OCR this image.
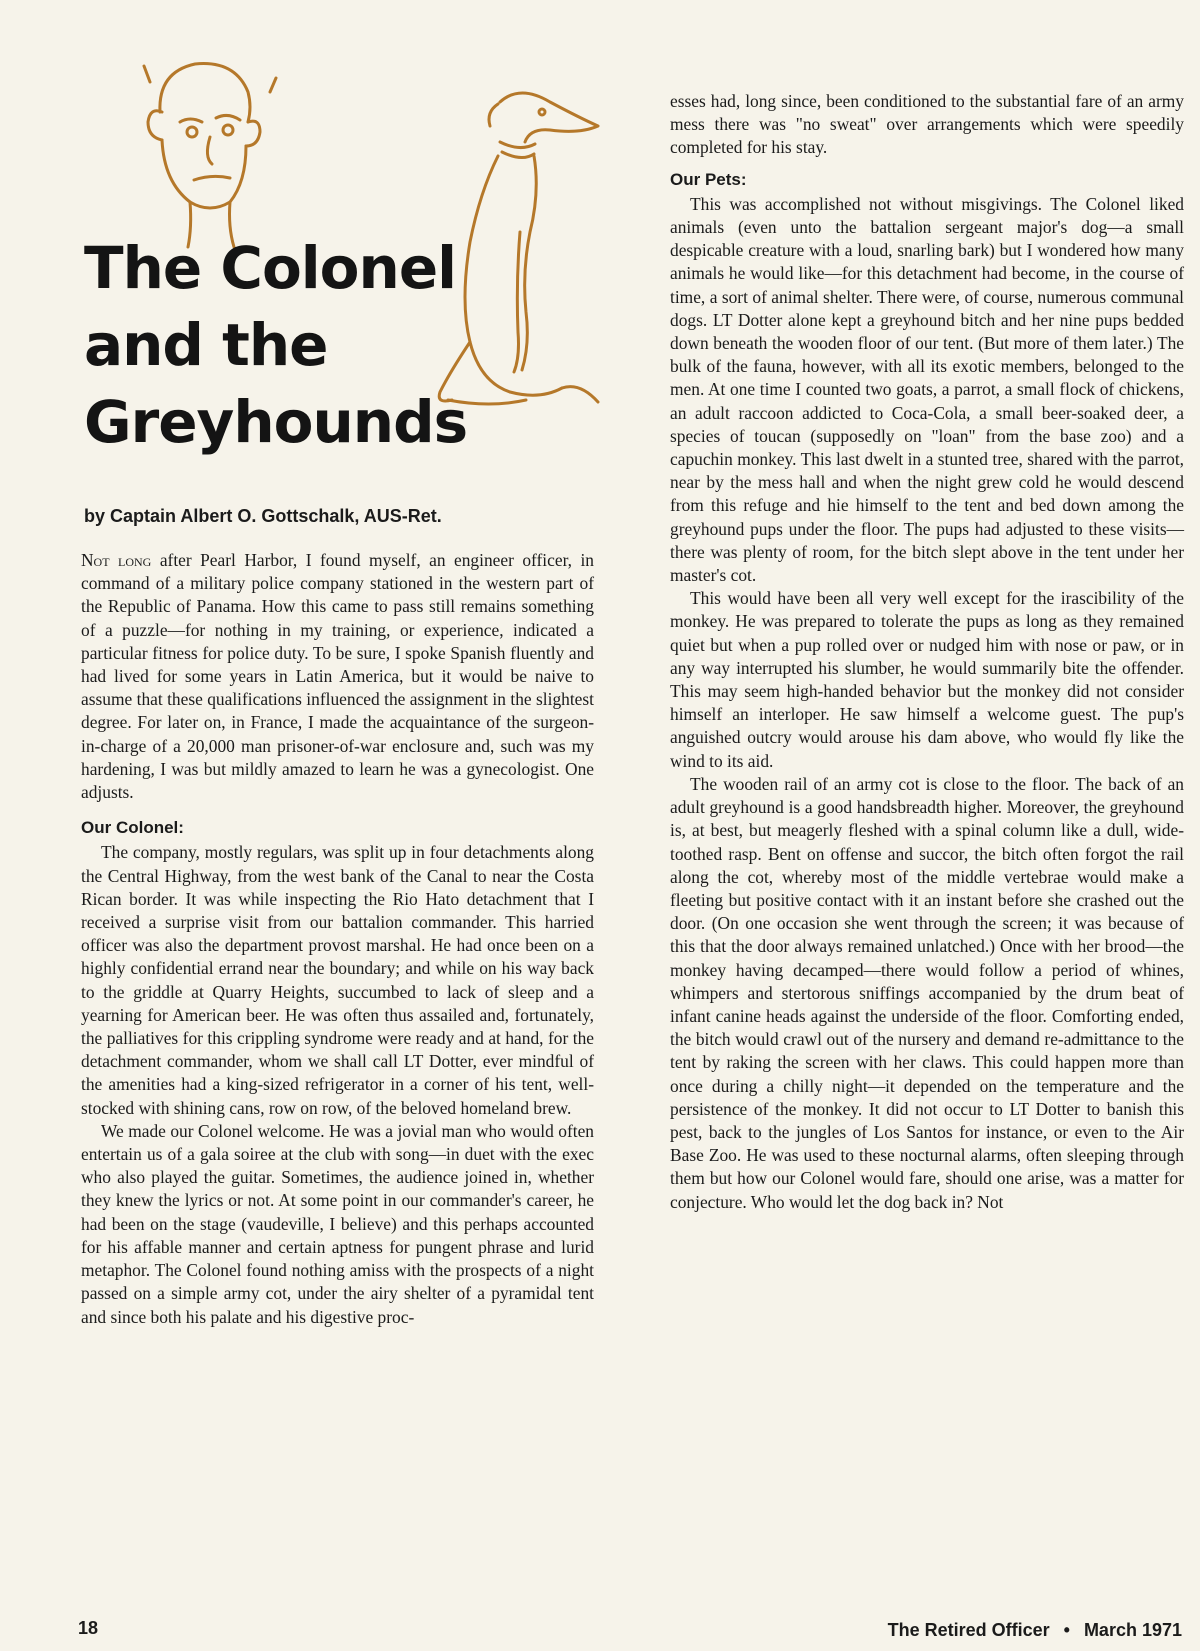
The Colonel
and the
Greyhounds
by Captain Albert O. Gottschalk, AUS-Ret.

Not long after Pearl Harbor, I found myself, an engineer officer, in command of a military police company stationed in the western part of the Republic of Panama. How this came to pass still remains something of a puzzle—for nothing in my training, or experience, indicated a particular fitness for police duty. To be sure, I spoke Spanish fluently and had lived for some years in Latin America, but it would be naive to assume that these qualifications influenced the assignment in the slightest degree. For later on, in France, I made the acquaintance of the surgeon-in-charge of a 20,000 man prisoner-of-war enclosure and, such was my hardening, I was but mildly amazed to learn he was a gynecologist. One adjusts.

Our Colonel:

The company, mostly regulars, was split up in four detachments along the Central Highway, from the west bank of the Canal to near the Costa Rican border. It was while inspecting the Rio Hato detachment that I received a surprise visit from our battalion commander. This harried officer was also the department provost marshal. He had once been on a highly confidential errand near the boundary; and while on his way back to the griddle at Quarry Heights, succumbed to lack of sleep and a yearning for American beer. He was often thus assailed and, fortunately, the palliatives for this crippling syndrome were ready and at hand, for the detachment commander, whom we shall call LT Dotter, ever mindful of the amenities had a king-sized refrigerator in a corner of his tent, well-stocked with shining cans, row on row, of the beloved homeland brew.

We made our Colonel welcome. He was a jovial man who would often entertain us of a gala soiree at the club with song—in duet with the exec who also played the guitar. Sometimes, the audience joined in, whether they knew the lyrics or not. At some point in our commander's career, he had been on the stage (vaudeville, I believe) and this perhaps accounted for his affable manner and certain aptness for pungent phrase and lurid metaphor. The Colonel found nothing amiss with the prospects of a night passed on a simple army cot, under the airy shelter of a pyramidal tent and since both his palate and his digestive proc-

esses had, long since, been conditioned to the substantial fare of an army mess there was "no sweat" over arrangements which were speedily completed for his stay.

Our Pets:

This was accomplished not without misgivings. The Colonel liked animals (even unto the battalion sergeant major's dog—a small despicable creature with a loud, snarling bark) but I wondered how many animals he would like—for this detachment had become, in the course of time, a sort of animal shelter. There were, of course, numerous communal dogs. LT Dotter alone kept a greyhound bitch and her nine pups bedded down beneath the wooden floor of our tent. (But more of them later.) The bulk of the fauna, however, with all its exotic members, belonged to the men. At one time I counted two goats, a parrot, a small flock of chickens, an adult raccoon addicted to Coca-Cola, a small beer-soaked deer, a species of toucan (supposedly on "loan" from the base zoo) and a capuchin monkey. This last dwelt in a stunted tree, shared with the parrot, near by the mess hall and when the night grew cold he would descend from this refuge and hie himself to the tent and bed down among the greyhound pups under the floor. The pups had adjusted to these visits—there was plenty of room, for the bitch slept above in the tent under her master's cot.

This would have been all very well except for the irascibility of the monkey. He was prepared to tolerate the pups as long as they remained quiet but when a pup rolled over or nudged him with nose or paw, or in any way interrupted his slumber, he would summarily bite the offender. This may seem high-handed behavior but the monkey did not consider himself an interloper. He saw himself a welcome guest. The pup's anguished outcry would arouse his dam above, who would fly like the wind to its aid.

The wooden rail of an army cot is close to the floor. The back of an adult greyhound is a good handsbreadth higher. Moreover, the greyhound is, at best, but meagerly fleshed with a spinal column like a dull, wide-toothed rasp. Bent on offense and succor, the bitch often forgot the rail along the cot, whereby most of the middle vertebrae would make a fleeting but positive contact with it an instant before she crashed out the door. (On one occasion she went through the screen; it was because of this that the door always remained unlatched.) Once with her brood—the monkey having decamped—there would follow a period of whines, whimpers and stertorous sniffings accompanied by the drum beat of infant canine heads against the underside of the floor. Comforting ended, the bitch would crawl out of the nursery and demand re-admittance to the tent by raking the screen with her claws. This could happen more than once during a chilly night—it depended on the temperature and the persistence of the monkey. It did not occur to LT Dotter to banish this pest, back to the jungles of Los Santos for instance, or even to the Air Base Zoo. He was used to these nocturnal alarms, often sleeping through them but how our Colonel would fare, should one arise, was a matter for conjecture. Who would let the dog back in? Not

18	The Retired Officer • March 1971
